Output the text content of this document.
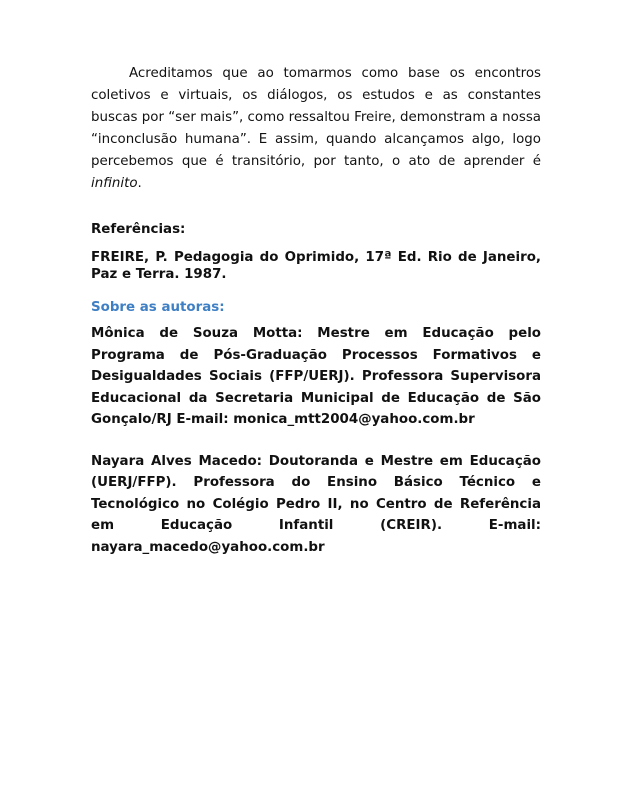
Acreditamos que ao tomarmos como base os encontros coletivos e virtuais, os diálogos, os estudos e as constantes buscas por “ser mais”, como ressaltou Freire, demonstram a nossa “inconclusão humana”. E assim, quando alcançamos algo, logo percebemos que é transitório, por tanto, o ato de aprender é infinito.

Referências:
FREIRE, P. Pedagogia do Oprimido, 17ª Ed. Rio de Janeiro, Paz e Terra. 1987.
Sobre as autoras:
Mônica de Souza Motta: Mestre em Educação pelo Programa de Pós-Graduação Processos Formativos e Desigualdades Sociais (FFP/UERJ). Professora Supervisora Educacional da Secretaria Municipal de Educação de São Gonçalo/RJ E-mail: monica_mtt2004@yahoo.com.br
Nayara Alves Macedo: Doutoranda e Mestre em Educação (UERJ/FFP). Professora do Ensino Básico Técnico e Tecnológico no Colégio Pedro II, no Centro de Referência em Educação Infantil (CREIR). E-mail: nayara_macedo@yahoo.com.br
